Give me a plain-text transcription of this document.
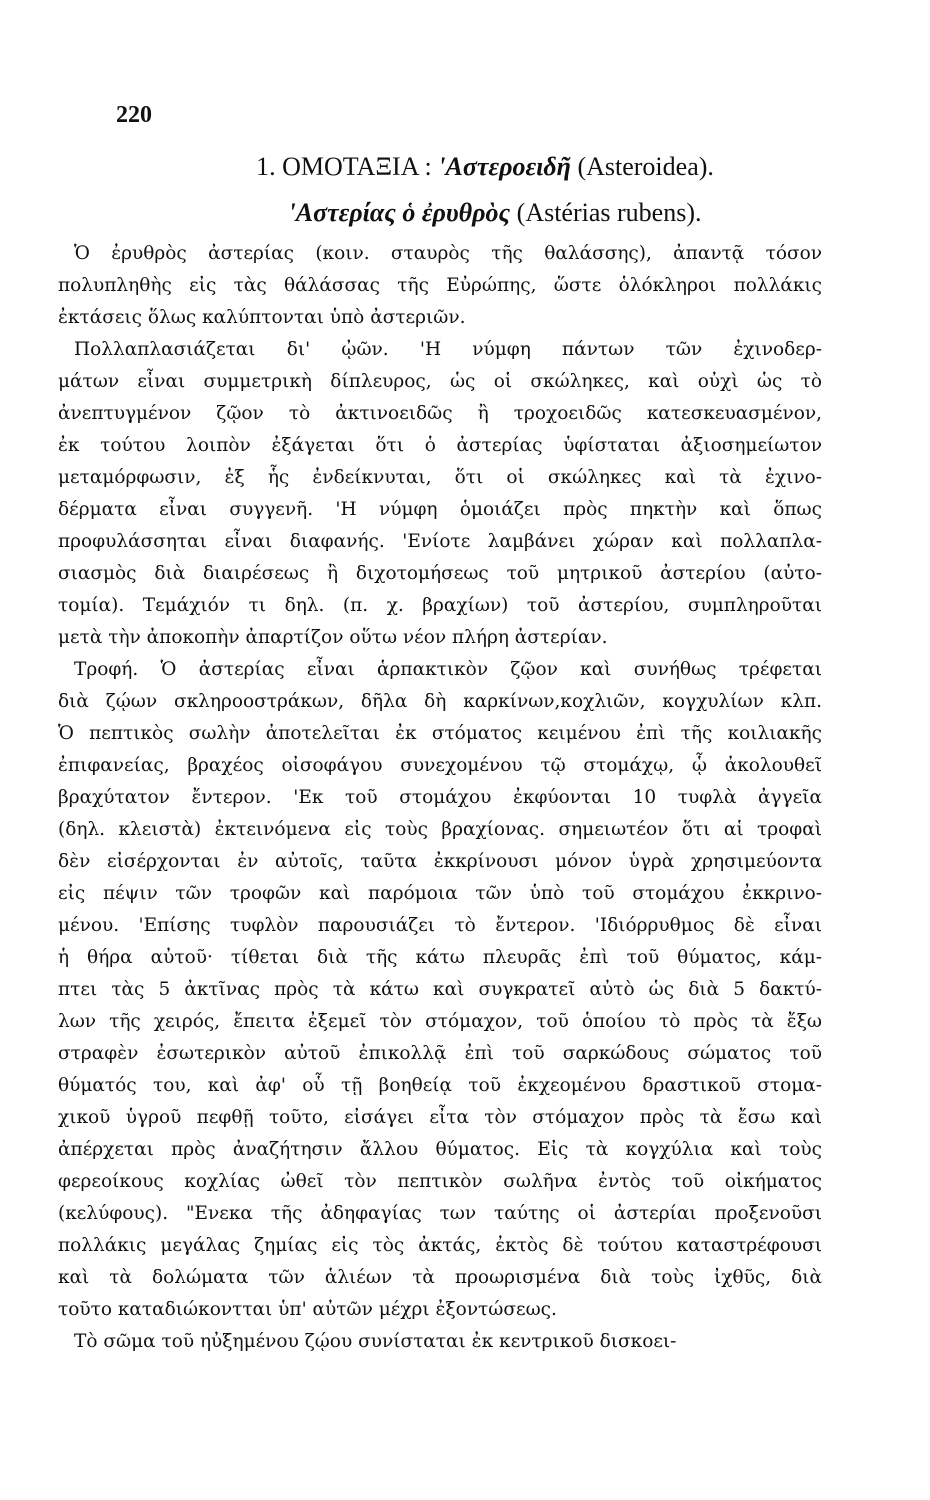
220
1. ΟΜΟΤΑΞΙΑ : 'Αστεροειδῆ (Asteroidea).
'Αστερίας ὁ ἐρυθρὸς (Astérias rubens).
Ὁ ἐρυθρὸς ἀστερίας (κοιν. σταυρὸς τῆς θαλάσσης), ἀπαντᾷ τόσον
πολυπληθὴς εἰς τὰς θάλάσσας τῆς Εὐρώπης, ὥστε ὁλόκληροι πολλάκις
ἐκτάσεις ὅλως καλύπτονται ὑπὸ ἀστεριῶν.
Πολλαπλασιάζεται δι' ᾠῶν. 'Η νύμφη πάντων τῶν ἐχινοδερ-
μάτων εἶναι συμμετρικὴ δίπλευρος, ὡς οἱ σκώληκες, καὶ οὐχὶ ὡς τὸ
ἀνεπτυγμένον ζῷον τὸ ἀκτινοειδῶς ἢ τροχοειδῶς κατεσκευασμένον,
ἐκ τούτου λοιπὸν ἐξάγεται ὅτι ὁ ἀστερίας ὑφίσταται ἀξιοσημείωτον
μεταμόρφωσιν, ἐξ ἧς ἐνδείκνυται, ὅτι οἱ σκώληκες καὶ τὰ ἐχινο-
δέρματα εἶναι συγγενῆ. 'Η νύμφη ὁμοιάζει πρὸς πηκτὴν καὶ ὅπως
προφυλάσσηται εἶναι διαφανής. 'Ενίοτε λαμβάνει χώραν καὶ πολλαπλα-
σιασμὸς διὰ διαιρέσεως ἢ διχοτομήσεως τοῦ μητρικοῦ ἀστερίου (αὐτο-
τομία). Τεμάχιόν τι δηλ. (π. χ. βραχίων) τοῦ ἀστερίου, συμπληροῦται
μετὰ τὴν ἀποκοπὴν ἀπαρτίζον οὕτω νέον πλήρη ἀστερίαν.
Τροφή. Ὁ ἀστερίας εἶναι ἁρπακτικὸν ζῷον καὶ συνήθως τρέφεται
διὰ ζῴων σκληροοστράκων, δῆλα δὴ καρκίνων,κοχλιῶν, κογχυλίων κλπ.
Ὁ πεπτικὸς σωλὴν ἀποτελεῖται ἐκ στόματος κειμένου ἐπὶ τῆς κοιλιακῆς
ἐπιφανείας, βραχέος οἰσοφάγου συνεχομένου τῷ στομάχῳ, ᾧ ἀκολουθεῖ
βραχύτατον ἔντερον. 'Εκ τοῦ στομάχου ἐκφύονται 10 τυφλὰ ἀγγεῖα
(δηλ. κλειστὰ) ἐκτεινόμενα εἰς τοὺς βραχίονας. σημειωτέον ὅτι αἱ τροφαὶ
δὲν εἰσέρχονται ἐν αὐτοῖς, ταῦτα ἐκκρίνουσι μόνον ὑγρὰ χρησιμεύοντα
εἰς πέψιν τῶν τροφῶν καὶ παρόμοια τῶν ὑπὸ τοῦ στομάχου ἐκκρινο-
μένου. 'Επίσης τυφλὸν παρουσιάζει τὸ ἔντερον. 'Ιδιόρρυθμος δὲ εἶναι
ἡ θήρα αὐτοῦ· τίθεται διὰ τῆς κάτω πλευρᾶς ἐπὶ τοῦ θύματος, κάμ-
πτει τὰς 5 ἀκτῖνας πρὸς τὰ κάτω καὶ συγκρατεῖ αὐτὸ ὡς διὰ 5 δακτύ-
λων τῆς χειρός, ἔπειτα ἐξεμεῖ τὸν στόμαχον, τοῦ ὁποίου τὸ πρὸς τὰ ἔξω
στραφὲν ἐσωτερικὸν αὐτοῦ ἐπικολλᾷ ἐπὶ τοῦ σαρκώδους σώματος τοῦ
θύματός του, καὶ ἀφ' οὗ τῇ βοηθείᾳ τοῦ ἐκχεομένου δραστικοῦ στομα-
χικοῦ ὑγροῦ πεφθῇ τοῦτο, εἰσάγει εἶτα τὸν στόμαχον πρὸς τὰ ἔσω καὶ
ἀπέρχεται πρὸς ἀναζήτησιν ἄλλου θύματος. Εἰς τὰ κογχύλια καὶ τοὺς
φερεοίκους κοχλίας ὠθεῖ τὸν πεπτικὸν σωλῆνα ἐντὸς τοῦ οἰκήματος
(κελύφους). "Ενεκα τῆς ἀδηφαγίας των ταύτης οἱ ἀστερίαι προξενοῦσι
πολλάκις μεγάλας ζημίας εἰς τὸς ἀκτάς, ἐκτὸς δὲ τούτου καταστρέφουσι
καὶ τὰ δολώματα τῶν ἁλιέων τὰ προωρισμένα διὰ τοὺς ἰχθῦς, διὰ
τοῦτο καταδιώκοντται ὑπ' αὐτῶν μέχρι ἐξοντώσεως.
Τὸ σῶμα τοῦ ηὐξημένου ζῴου συνίσταται ἐκ κεντρικοῦ δισκοει-
